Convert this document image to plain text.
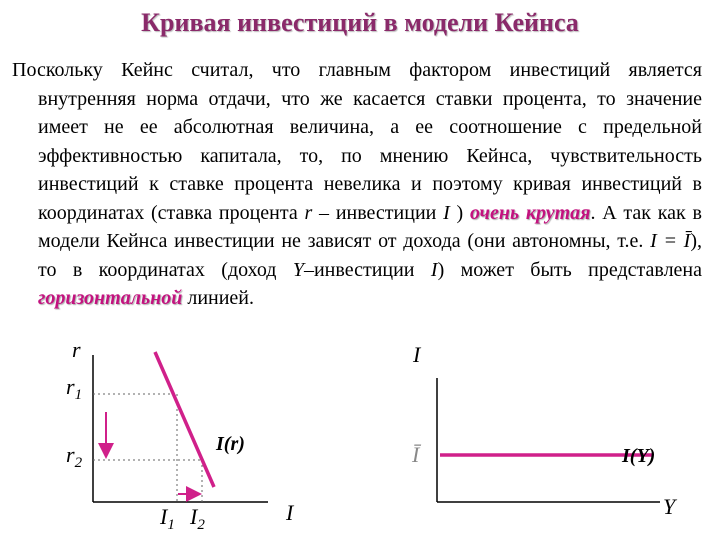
Кривая инвестиций в модели Кейнса
Поскольку Кейнс считал, что главным фактором инвестиций является внутренняя норма отдачи, что же касается ставки процента, то значение имеет не ее абсолютная величина, а ее соотношение с предельной эффективностью капитала, то, по мнению Кейнса, чувствительность инвестиций к ставке процента невелика и поэтому кривая инвестиций в координатах (ставка процента r – инвестиции I ) очень крутая. А так как в модели Кейнса инвестиции не зависят от дохода (они автономны, т.е. I = Ī), то в координатах (доход Y–инвестиции I) может быть представлена горизонтальной линией.
r
I
$r_1$
$r_2$
$I_1$ $I_2$
I(r)
I
Y
Ī	I(Y)
